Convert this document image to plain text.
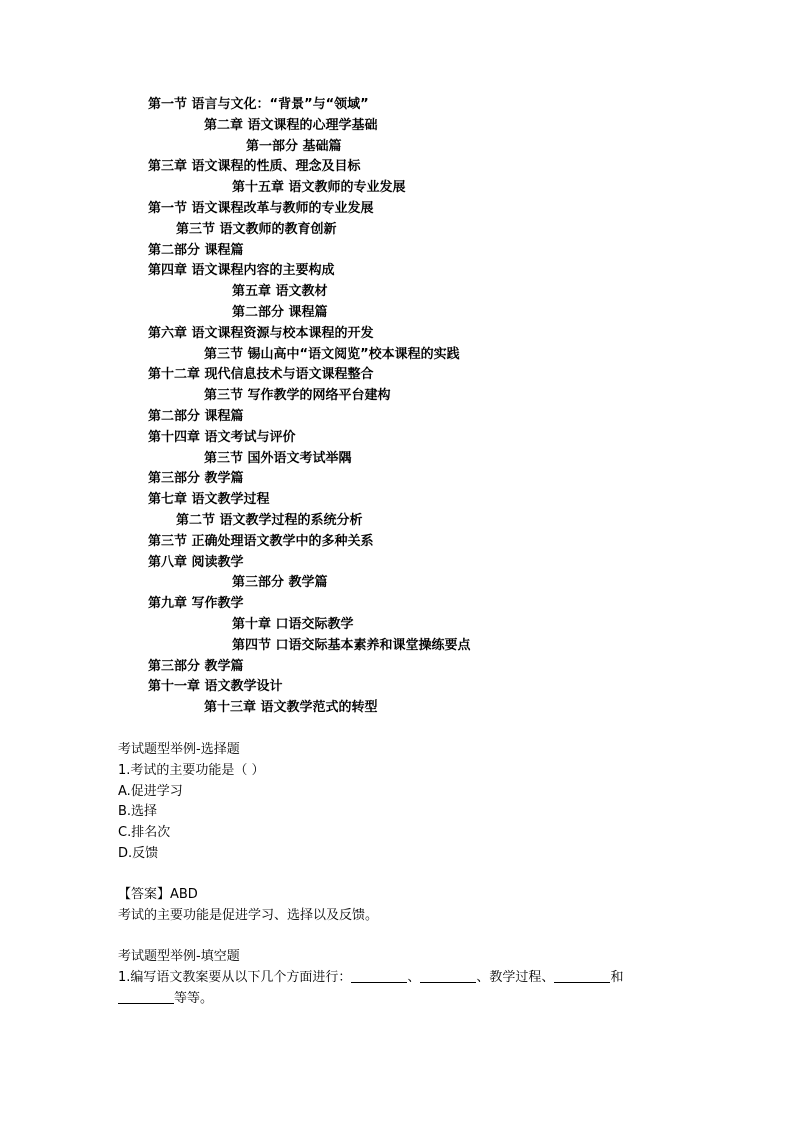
第一节 语言与文化：“背景”与“领域”
第二章 语文课程的心理学基础
第一部分 基础篇
第三章 语文课程的性质、理念及目标
第十五章 语文教师的专业发展
第一节 语文课程改革与教师的专业发展
第三节 语文教师的教育创新
第二部分 课程篇
第四章 语文课程内容的主要构成
第五章 语文教材
第二部分 课程篇
第六章 语文课程资源与校本课程的开发
第三节 锡山高中“语文阅览”校本课程的实践
第十二章 现代信息技术与语文课程整合
第三节 写作教学的网络平台建构
第二部分 课程篇
第十四章 语文考试与评价
第三节 国外语文考试举隅
第三部分 教学篇
第七章 语文教学过程
第二节 语文教学过程的系统分析
第三节 正确处理语文教学中的多种关系
第八章 阅读教学
第三部分 教学篇
第九章 写作教学
第十章 口语交际教学
第四节 口语交际基本素养和课堂操练要点
第三部分 教学篇
第十一章 语文教学设计
第十三章 语文教学范式的转型

考试题型举例-选择题

1.考试的主要功能是（ ）

A.促进学习

B.选择

C.排名次

D.反馈

【答案】ABD

考试的主要功能是促进学习、选择以及反馈。

考试题型举例-填空题

1.编写语文教案要从以下几个方面进行：	、	、教学过程、	和

等等。
